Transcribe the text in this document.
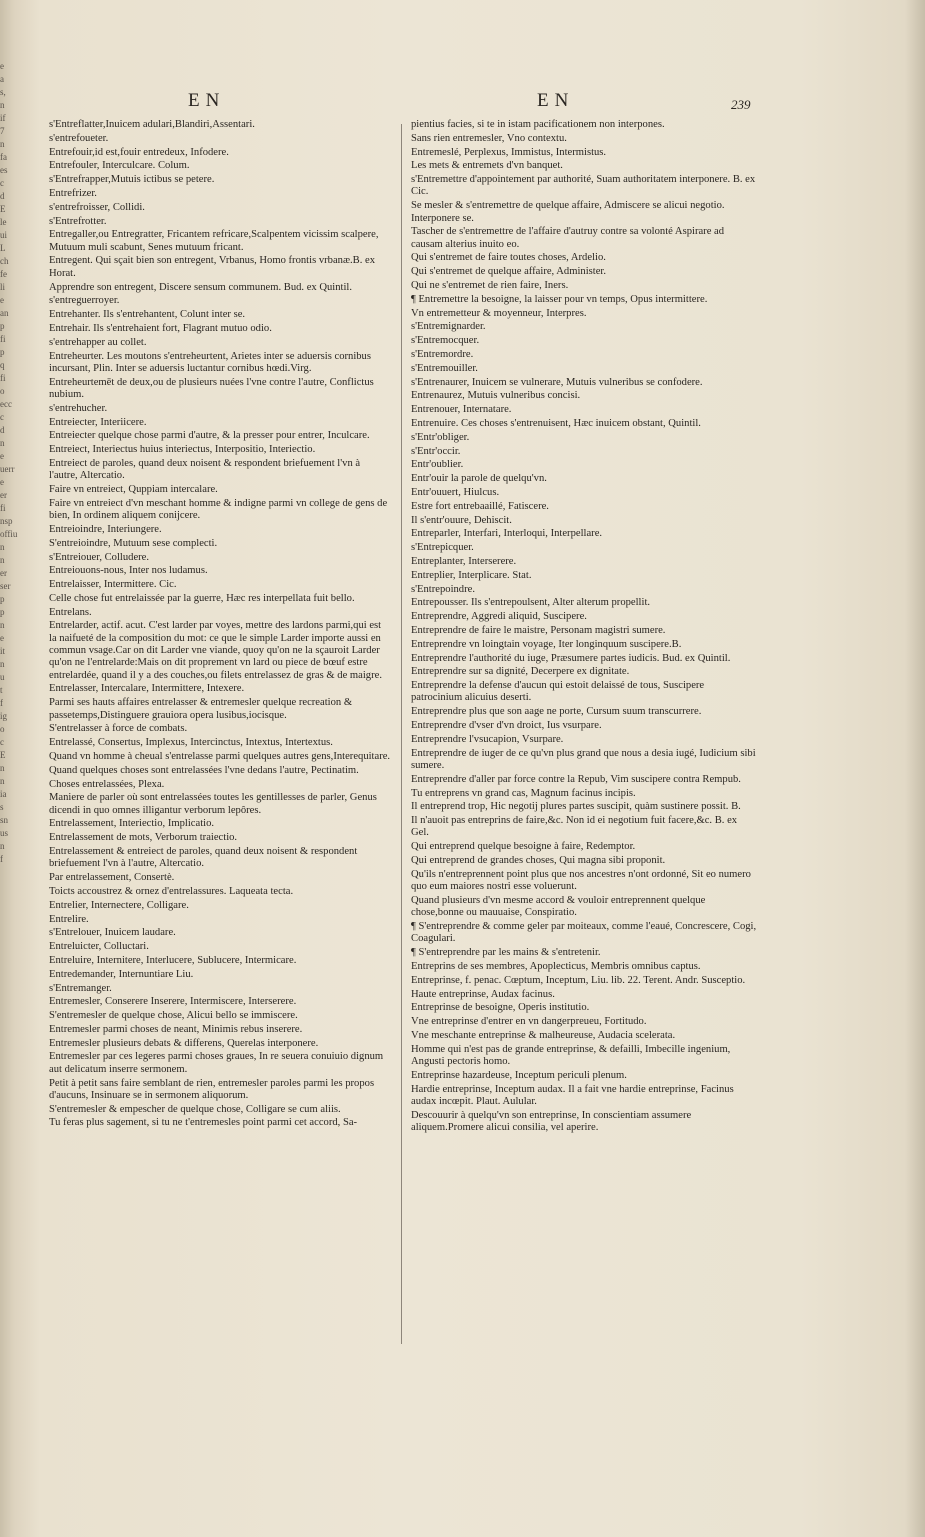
e
a
s,
n
if
7
n
fa
es
c
d
E
le
ui
L
ch
fe
li
e
an
p
fi
p
q
fi
o
ecc
c
d
n
e
uerr
e
er
fi
nsp
offiu
n
n
er
ser
p
p
n
e
it
n
u
t
f
ig
o
c
E
n
n
ia
s
sn
us
n
f
EN	EN	239
s'Entreflatter,Inuicem adulari,Blandiri,Assentari.
s'entrefoueter.
Entrefouir,id est,fouir entredeux, Infodere.
Entrefouler, Interculcare. Colum.
s'Entrefrapper,Mutuis ictibus se petere.
Entrefrizer.
s'entrefroisser, Collidi.
s'Entrefrotter.
Entregaller,ou Entregratter, Fricantem refricare,Scalpentem vicissim scalpere, Mutuum muli scabunt, Senes mutuum fricant.
Entregent. Qui sçait bien son entregent, Vrbanus, Homo frontis vrbanæ.B. ex Horat.
Apprendre son entregent, Discere sensum communem. Bud. ex Quintil.
s'entreguerroyer.
Entrehanter. Ils s'entrehantent, Colunt inter se.
Entrehair. Ils s'entrehaient fort, Flagrant mutuo odio.
s'entrehapper au collet.
Entreheurter. Les moutons s'entreheurtent, Arietes inter se aduersis cornibus incursant, Plin. Inter se aduersis luctantur cornibus hœdi.Virg.
Entreheurtemēt de deux,ou de plusieurs nuées l'vne contre l'autre, Conflictus nubium.
s'entrehucher.
Entreiecter, Interiicere.
Entreiecter quelque chose parmi d'autre, & la presser pour entrer, Inculcare.
Entreiect, Interiectus huius interiectus, Interpositio, Interiectio.
Entreiect de paroles, quand deux noisent & respondent briefuement l'vn à l'autre, Altercatio.
Faire vn entreiect, Quppiam intercalare.
Faire vn entreiect d'vn meschant homme & indigne parmi vn college de gens de bien, In ordinem aliquem conijcere.
Entreioindre, Interiungere.
S'entreioindre, Mutuum sese complecti.
s'Entreiouer, Colludere.
Entreiouons-nous, Inter nos ludamus.
Entrelaisser, Intermittere. Cic.
Celle chose fut entrelaissée par la guerre, Hæc res interpellata fuit bello.
Entrelans.
Entrelarder, actif. acut. C'est larder par voyes, mettre des lardons parmi,qui est la naifueté de la composition du mot: ce que le simple Larder importe aussi en commun vsage.Car on dit Larder vne viande, quoy qu'on ne la sçauroit Larder qu'on ne l'entrelarde:Mais on dit proprement vn lard ou piece de bœuf estre entrelardée, quand il y a des couches,ou filets entrelassez de gras & de maigre.
Entrelasser, Intercalare, Intermittere, Intexere.
Parmi ses hauts affaires entrelasser & entremesler quelque recreation & passetemps,Distinguere grauiora opera lusibus,iocisque.
S'entrelasser à force de combats.
Entrelassé, Consertus, Implexus, Intercinctus, Intextus, Intertextus.
Quand vn homme à cheual s'entrelasse parmi quelques autres gens,Interequitare.
Quand quelques choses sont entrelassées l'vne dedans l'autre, Pectinatim.
Choses entrelassées, Plexa.
Maniere de parler où sont entrelassées toutes les gentillesses de parler, Genus dicendi in quo omnes illigantur verborum lepôres.
Entrelassement, Interiectio, Implicatio.
Entrelassement de mots, Verborum traiectio.
Entrelassement & entreiect de paroles, quand deux noisent & respondent briefuement l'vn à l'autre, Altercatio.
Par entrelassement, Consertè.
Toicts accoustrez & ornez d'entrelassures. Laqueata tecta.
Entrelier, Internectere, Colligare.
Entrelire.
s'Entrelouer, Inuicem laudare.
Entreluicter, Colluctari.
Entreluire, Internitere, Interlucere, Sublucere, Intermicare.
Entredemander, Internuntiare Liu.
s'Entremanger.
Entremesler, Conserere Inserere, Intermiscere, Interserere.
S'entremesler de quelque chose, Alicui bello se immiscere.
Entremesler parmi choses de neant, Minimis rebus inserere.
Entremesler plusieurs debats & differens, Querelas interponere.
Entremesler par ces legeres parmi choses graues, In re seuera conuiuio dignum aut delicatum inserre sermonem.
Petit à petit sans faire semblant de rien, entremesler paroles parmi les propos d'aucuns, Insinuare se in sermonem aliquorum.
S'entremesler & empescher de quelque chose, Colligare se cum aliis.
Tu feras plus sagement, si tu ne t'entremesles point parmi cet accord, Sa-
pientius facies, si te in istam pacificationem non interpones.
Sans rien entremesler, Vno contextu.
Entremeslé, Perplexus, Immistus, Intermistus.
Les mets & entremets d'vn banquet.
s'Entremettre d'appointement par authorité, Suam authoritatem interponere. B. ex Cic.
Se mesler & s'entremettre de quelque affaire, Admiscere se alicui negotio. Interponere se.
Tascher de s'entremettre de l'affaire d'autruy contre sa volonté Aspirare ad causam alterius inuito eo.
Qui s'entremet de faire toutes choses, Ardelio.
Qui s'entremet de quelque affaire, Administer.
Qui ne s'entremet de rien faire, Iners.
¶ Entremettre la besoigne, la laisser pour vn temps, Opus intermittere.
Vn entremetteur & moyenneur, Interpres.
s'Entremignarder.
s'Entremocquer.
s'Entremordre.
s'Entremouiller.
s'Entrenaurer, Inuicem se vulnerare, Mutuis vulneribus se confodere.
Entrenaurez, Mutuis vulneribus concisi.
Entrenouer, Internatare.
Entrenuire. Ces choses s'entrenuisent, Hæc inuicem obstant, Quintil.
s'Entr'obliger.
s'Entr'occir.
Entr'oublier.
Entr'ouir la parole de quelqu'vn.
Entr'ouuert, Hiulcus.
Estre fort entrebaaillé, Fatiscere.
Il s'entr'ouure, Dehiscit.
Entreparler, Interfari, Interloqui, Interpellare.
s'Entrepicquer.
Entreplanter, Interserere.
Entreplier, Interplicare. Stat.
s'Entrepoindre.
Entrepousser. Ils s'entrepoulsent, Alter alterum propellit.
Entreprendre, Aggredi aliquid, Suscipere.
Entreprendre de faire le maistre, Personam magistri sumere.
Entreprendre vn loingtain voyage, Iter longinquum suscipere.B.
Entreprendre l'authorité du iuge, Præsumere partes iudicis. Bud. ex Quintil.
Entreprendre sur sa dignité, Decerpere ex dignitate.
Entreprendre la defense d'aucun qui estoit delaissé de tous, Suscipere patrocinium alicuius deserti.
Entreprendre plus que son aage ne porte, Cursum suum transcurrere.
Entreprendre d'vser d'vn droict, Ius vsurpare.
Entreprendre l'vsucapion, Vsurpare.
Entreprendre de iuger de ce qu'vn plus grand que nous a desia iugé, Iudicium sibi sumere.
Entreprendre d'aller par force contre la Repub, Vim suscipere contra Rempub.
Tu entreprens vn grand cas, Magnum facinus incipis.
Il entreprend trop, Hic negotij plures partes suscipit, quàm sustinere possit. B.
Il n'auoit pas entreprins de faire,&c. Non id ei negotium fuit facere,&c. B. ex Gel.
Qui entreprend quelque besoigne à faire, Redemptor.
Qui entreprend de grandes choses, Qui magna sibi proponit.
Qu'ils n'entreprennent point plus que nos ancestres n'ont ordonné, Sit eo numero quo eum maiores nostri esse voluerunt.
Quand plusieurs d'vn mesme accord & vouloir entreprennent quelque chose,bonne ou mauuaise, Conspiratio.
¶ S'entreprendre & comme geler par moiteaux, comme l'eaué, Concrescere, Cogi, Coagulari.
¶ S'entreprendre par les mains & s'entretenir.
Entreprins de ses membres, Apoplecticus, Membris omnibus captus.
Entreprinse, f. penac. Cœptum, Inceptum, Liu. lib. 22. Terent. Andr. Susceptio.
Haute entreprinse, Audax facinus.
Entreprinse de besoigne, Operis institutio.
Vne entreprinse d'entrer en vn dangerpreueu, Fortitudo.
Vne meschante entreprinse & malheureuse, Audacia scelerata.
Homme qui n'est pas de grande entreprinse, & defailli, Imbecille ingenium, Angusti pectoris homo.
Entreprinse hazardeuse, Inceptum periculi plenum.
Hardie entreprinse, Inceptum audax. Il a fait vne hardie entreprinse, Facinus audax incœpit. Plaut. Aulular.
Descouurir à quelqu'vn son entreprinse, In conscientiam assumere aliquem.Promere alicui consilia, vel aperire.
